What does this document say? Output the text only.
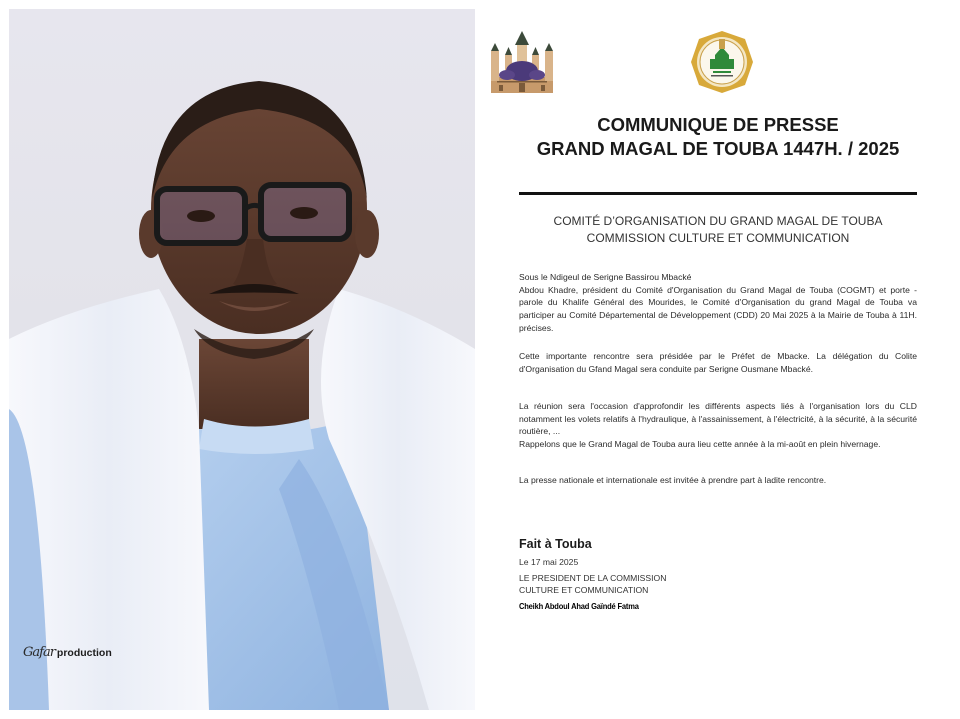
Gafar production
COMMUNIQUE DE PRESSE
GRAND MAGAL DE TOUBA 1447H. / 2025
COMITÉ D’ORGANISATION DU GRAND MAGAL DE TOUBA
COMMISSION CULTURE ET COMMUNICATION

Sous le Ndigeul de Serigne Bassirou Mbacké

Abdou Khadre, président du Comité d'Organisation du Grand Magal de Touba (COGMT) et porte - parole du Khalife Général des Mourides, le Comité d'Organisation du grand Magal de Touba va participer au Comité Départemental de Développement (CDD) 20 Mai 2025 à la Mairie de Touba à 11H. précises.

Cette importante rencontre sera présidée par le Préfet de Mbacke. La délégation du Colite d'Organisation du Gfand Magal sera conduite par Serigne Ousmane Mbacké.

La réunion sera l'occasion d'approfondir les différents aspects liés à l'organisation lors du CLD notamment les volets relatifs à l'hydraulique, à l'assainissement, à l'électricité, à la sécurité, à la sécurité routière, ...

Rappelons que le Grand Magal de Touba aura lieu cette année à la mi-août en plein hivernage.

La presse nationale et internationale est invitée à prendre part à ladite rencontre.

Fait à Touba
Le 17 mai 2025
LE PRESIDENT DE LA COMMISSION
CULTURE ET COMMUNICATION
Cheikh Abdoul Ahad Gaïndé Fatma
